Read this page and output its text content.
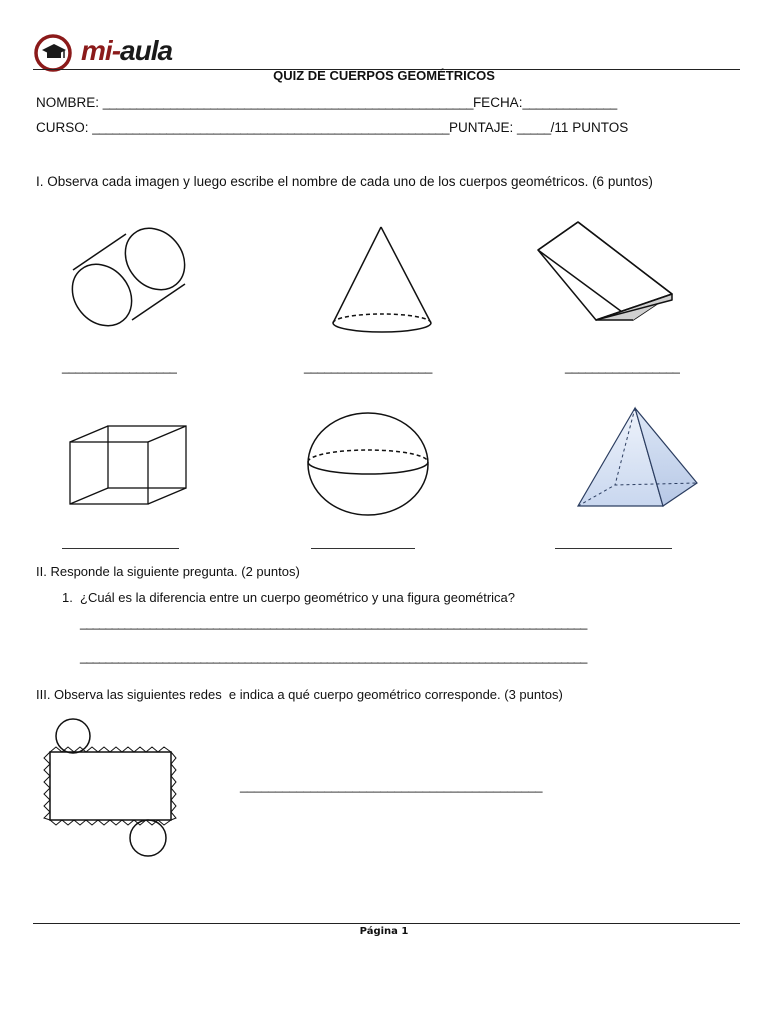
mi-aula
QUIZ DE CUERPOS GEOMÉTRICOS
NOMBRE: _______________________________________________________FECHA:______________
CURSO: _____________________________________________________PUNTAJE: _____/11 PUNTOS
I. Observa cada imagen y luego escribe el nombre de cada uno de los cuerpos geométricos. (6 puntos)
_________________	___________________	_________________
—————————	————————	—————————
II. Responde la siguiente pregunta. (2 puntos)
1. ¿Cuál es la diferencia entre un cuerpo geométrico y una figura geométrica?
________________________________________________________________________________
________________________________________________________________________________
III. Observa las siguientes redes  e indica a qué cuerpo geométrico corresponde. (3 puntos)
___________________________________________
Página 1
